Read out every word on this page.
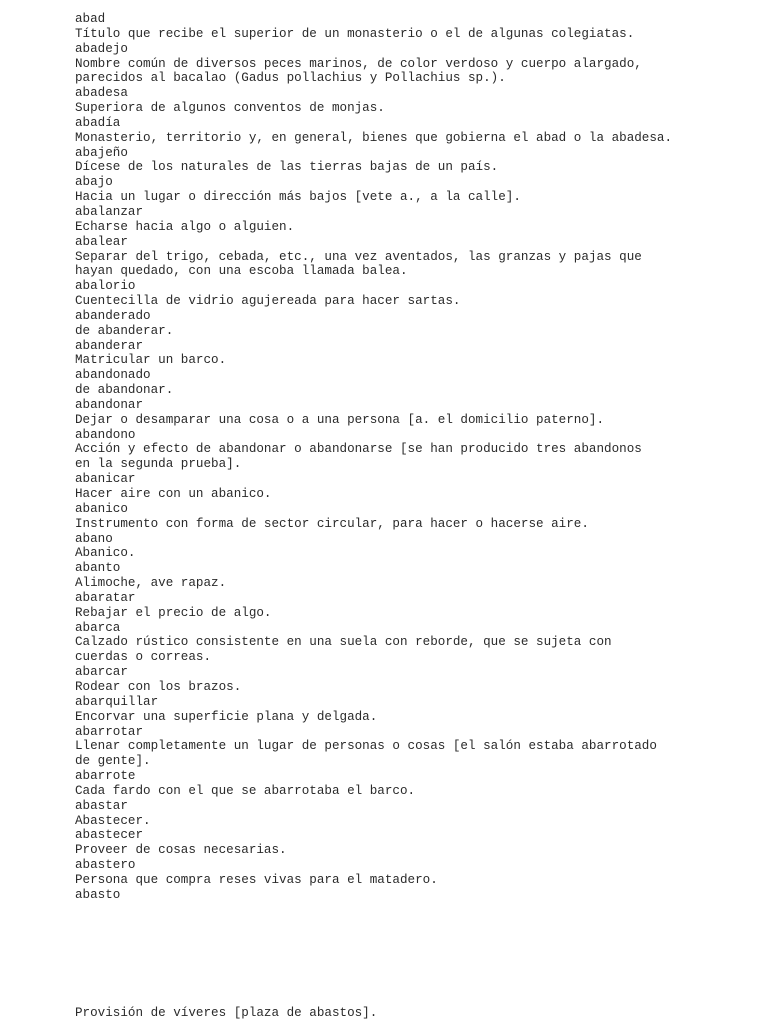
abad
Título que recibe el superior de un monasterio o el de algunas colegiatas.
abadejo
Nombre común de diversos peces marinos, de color verdoso y cuerpo alargado,
parecidos al bacalao (Gadus pollachius y Pollachius sp.).
abadesa
Superiora de algunos conventos de monjas.
abadía
Monasterio, territorio y, en general, bienes que gobierna el abad o la abadesa.
abajeño
Dícese de los naturales de las tierras bajas de un país.
abajo
Hacia un lugar o dirección más bajos [vete a., a la calle].
abalanzar
Echarse hacia algo o alguien.
abalear
Separar del trigo, cebada, etc., una vez aventados, las granzas y pajas que
hayan quedado, con una escoba llamada balea.
abalorio
Cuentecilla de vidrio agujereada para hacer sartas.
abanderado
de abanderar.
abanderar
Matricular un barco.
abandonado
de abandonar.
abandonar
Dejar o desamparar una cosa o a una persona [a. el domicilio paterno].
abandono
Acción y efecto de abandonar o abandonarse [se han producido tres abandonos
en la segunda prueba].
abanicar
Hacer aire con un abanico.
abanico
Instrumento con forma de sector circular, para hacer o hacerse aire.
abano
Abanico.
abanto
Alimoche, ave rapaz.
abaratar
Rebajar el precio de algo.
abarca
Calzado rústico consistente en una suela con reborde, que se sujeta con
cuerdas o correas.
abarcar
Rodear con los brazos.
abarquillar
Encorvar una superficie plana y delgada.
abarrotar
Llenar completamente un lugar de personas o cosas [el salón estaba abarrotado
de gente].
abarrote
Cada fardo con el que se abarrotaba el barco.
abastar
Abastecer.
abastecer
Proveer de cosas necesarias.
abastero
Persona que compra reses vivas para el matadero.
abasto
Provisión de víveres [plaza de abastos].
